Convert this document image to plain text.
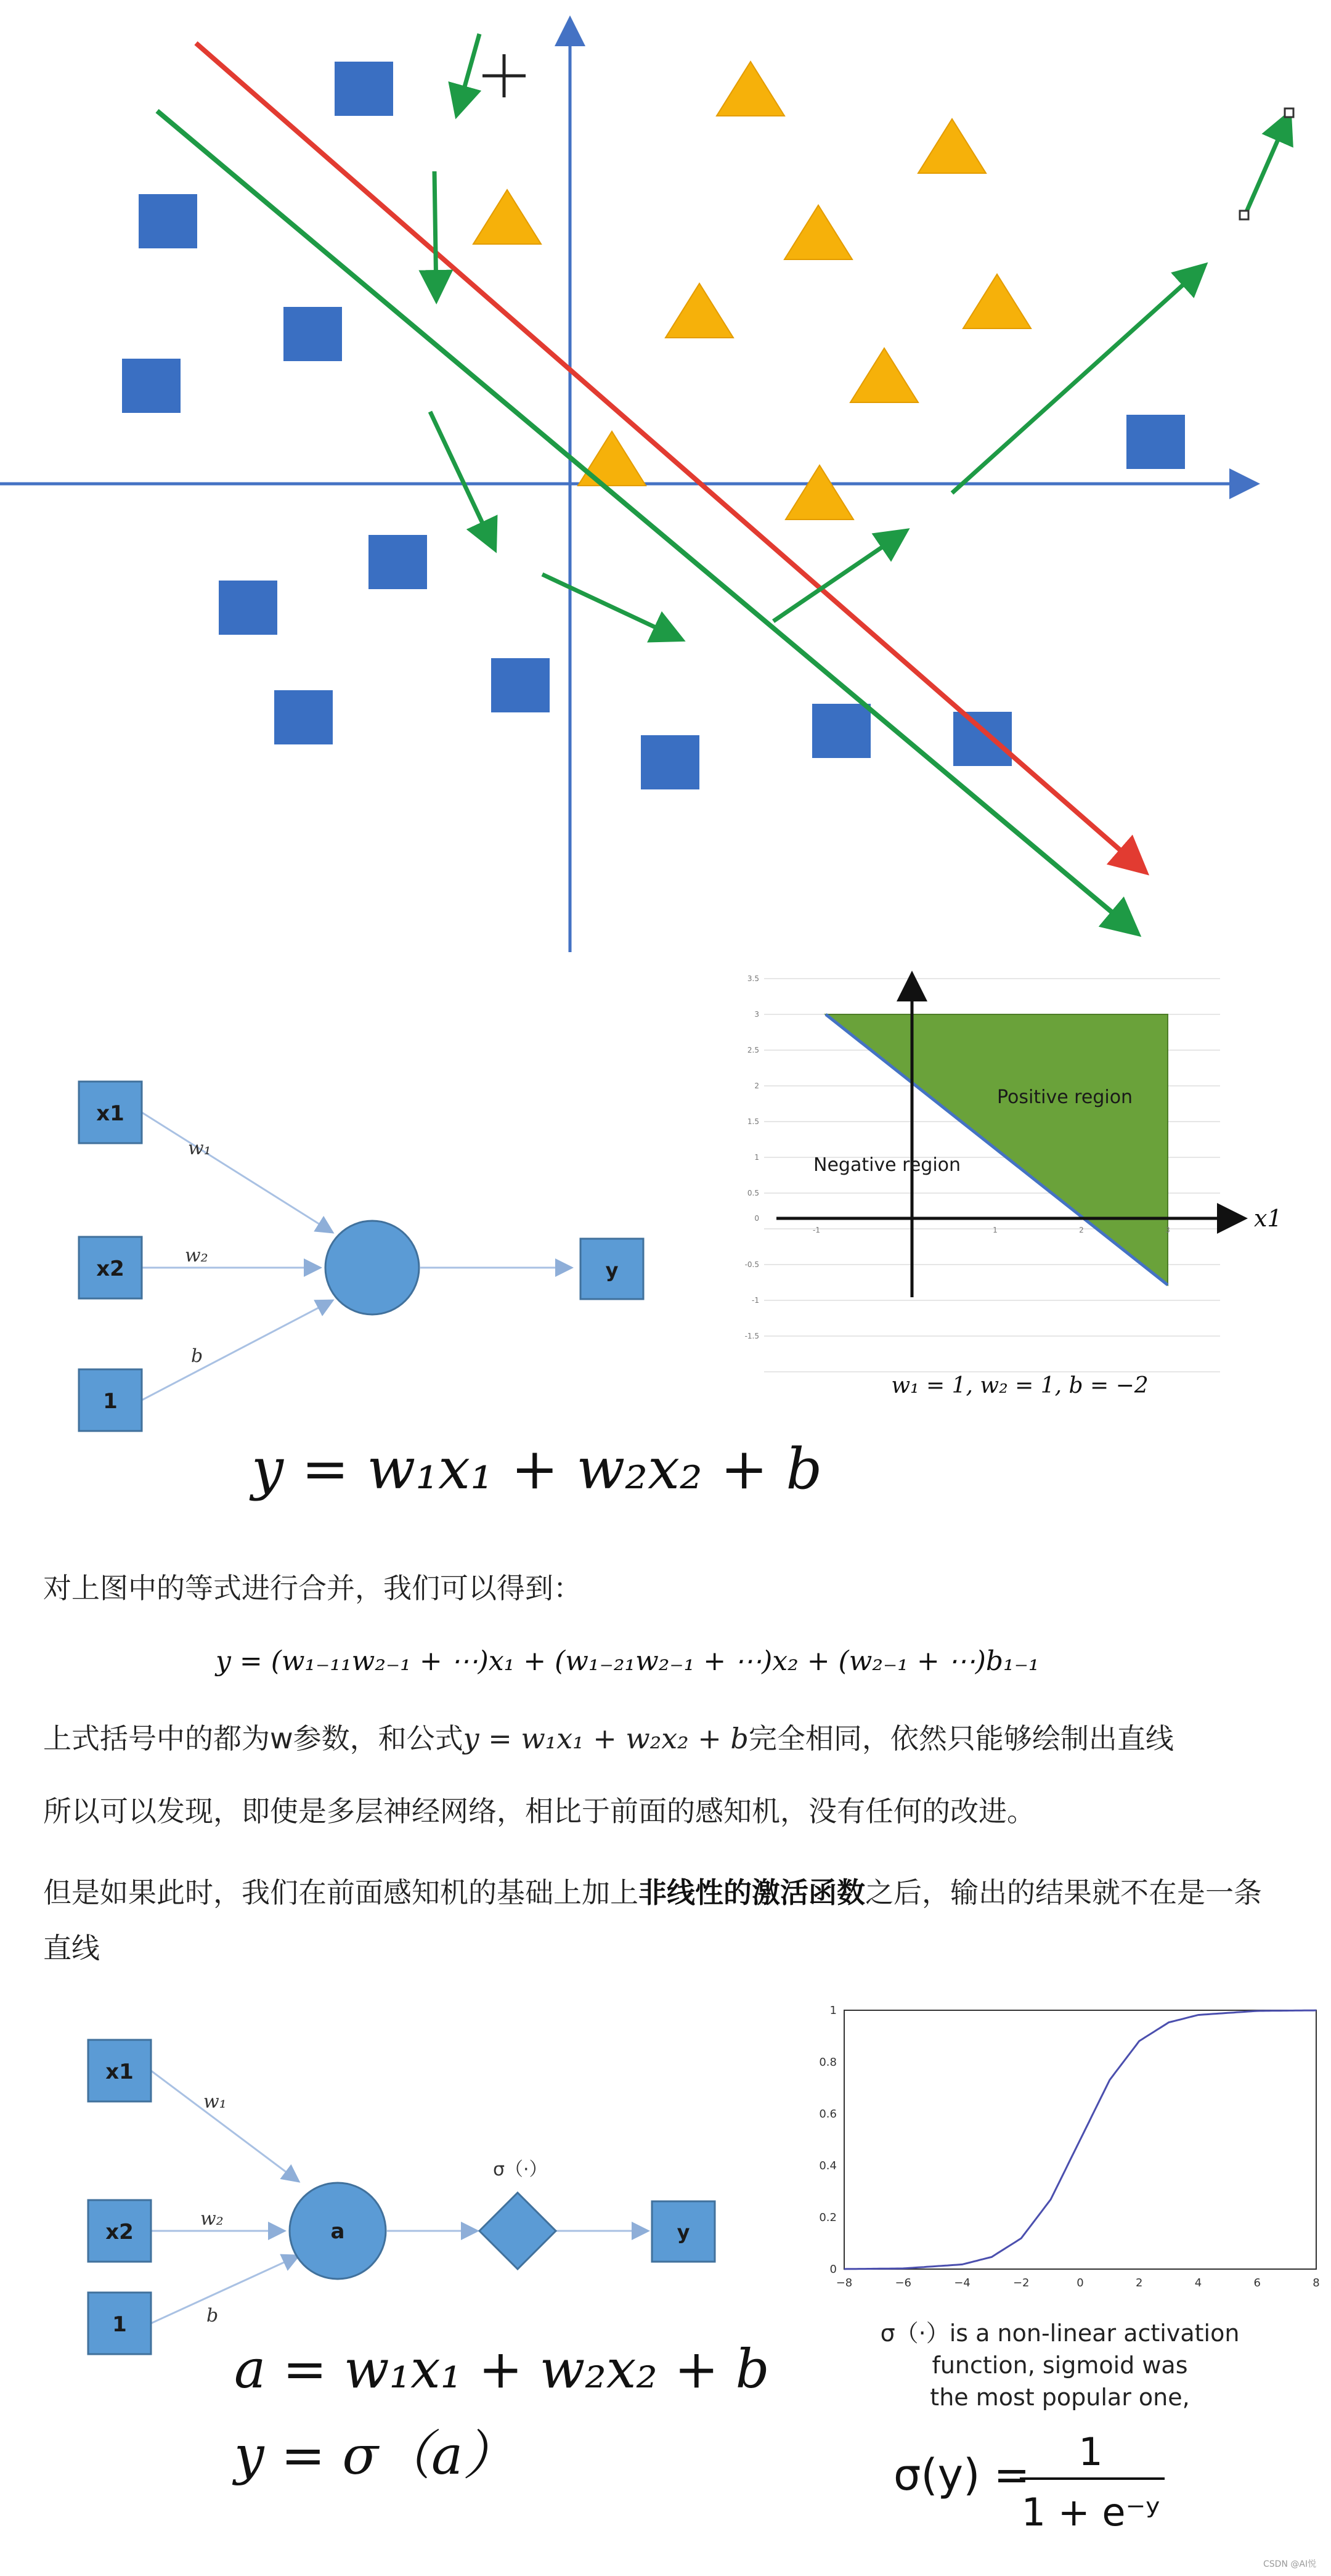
x1
x2
1
y
w₁
w₂
b
y = w₁x₁ + w₂x₂ + b
x1
Positive region
Negative region
3.5
3
2.5
2
1.5
1
0.5
0
-0.5
-1
-1.5
-1	1	2	3
w₁ = 1, w₂ = 1, b = −2
对上图中的等式进行合并，我们可以得到：
y = (w₁₋₁₁w₂₋₁ + ⋯)x₁ + (w₁₋₂₁w₂₋₁ + ⋯)x₂ + (w₂₋₁ + ⋯)b₁₋₁
上式括号中的都为w参数，和公式y = w₁x₁ + w₂x₂ + b完全相同，依然只能够绘制出直线
所以可以发现，即使是多层神经网络，相比于前面的感知机，没有任何的改进。
但是如果此时，我们在前面感知机的基础上加上非线性的激活函数之后，输出的结果就不在是一条
直线
x1
x2
1
a
σ（·）
y
w₁
w₂
b
a = w₁x₁ + w₂x₂ + b
y = σ（a）
1
0.8
0.6
0.4
0.2
0
−8	−6	−4	−2	0	2	4	6	8
σ（·）is a non-linear activation
function, sigmoid was
the most popular one,
σ(y) = 1
1 + e⁻ʸ
CSDN @AI悦
